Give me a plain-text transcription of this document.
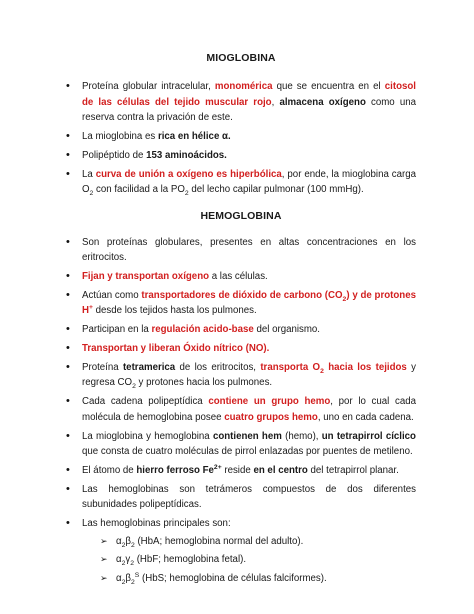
MIOGLOBINA
• Proteína globular intracelular, monomérica que se encuentra en el citosol de las células del tejido muscular rojo, almacena oxígeno como una reserva contra la privación de este.
• La mioglobina es rica en hélice α.
• Polipéptido de 153 aminoácidos.
• La curva de unión a oxígeno es hiperbólica, por ende, la mioglobina carga $O_2$ con facilidad a la $PO_2$ del lecho capilar pulmonar (100 mmHg).
HEMOGLOBINA
• Son proteínas globulares, presentes en altas concentraciones en los eritrocitos.
• Fijan y transportan oxígeno a las células.
• Actúan como transportadores de dióxido de carbono $(CO_2)$ y de protones H+ desde los tejidos hasta los pulmones.
• Participan en la regulación acido-base del organismo.
• Transportan y liberan Óxido nítrico (NO).
• Proteína tetramerica de los eritrocitos, transporta $O_2$ hacia los tejidos y regresa $CO_2$ y protones hacia los pulmones.
• Cada cadena polipeptídica contiene un grupo hemo, por lo cual cada molécula de hemoglobina posee cuatro grupos hemo, uno en cada cadena.
• La mioglobina y hemoglobina contienen hem (hemo), un tetrapirrol cíclico que consta de cuatro moléculas de pirrol enlazadas por puentes de metileno.
• El átomo de hierro ferroso $Fe^{2+}$ reside en el centro del tetrapirrol planar.
• Las hemoglobinas son tetrámeros compuestos de dos diferentes subunidades polipeptídicas.
• Las hemoglobinas principales son:
➢ $\alpha_2\beta_2$ (HbA; hemoglobina normal del adulto).
➢ $\alpha_2\gamma_2$ (HbF; hemoglobina fetal).
➢ $\alpha_2\beta_2^S$ (HbS; hemoglobina de células falciformes).
